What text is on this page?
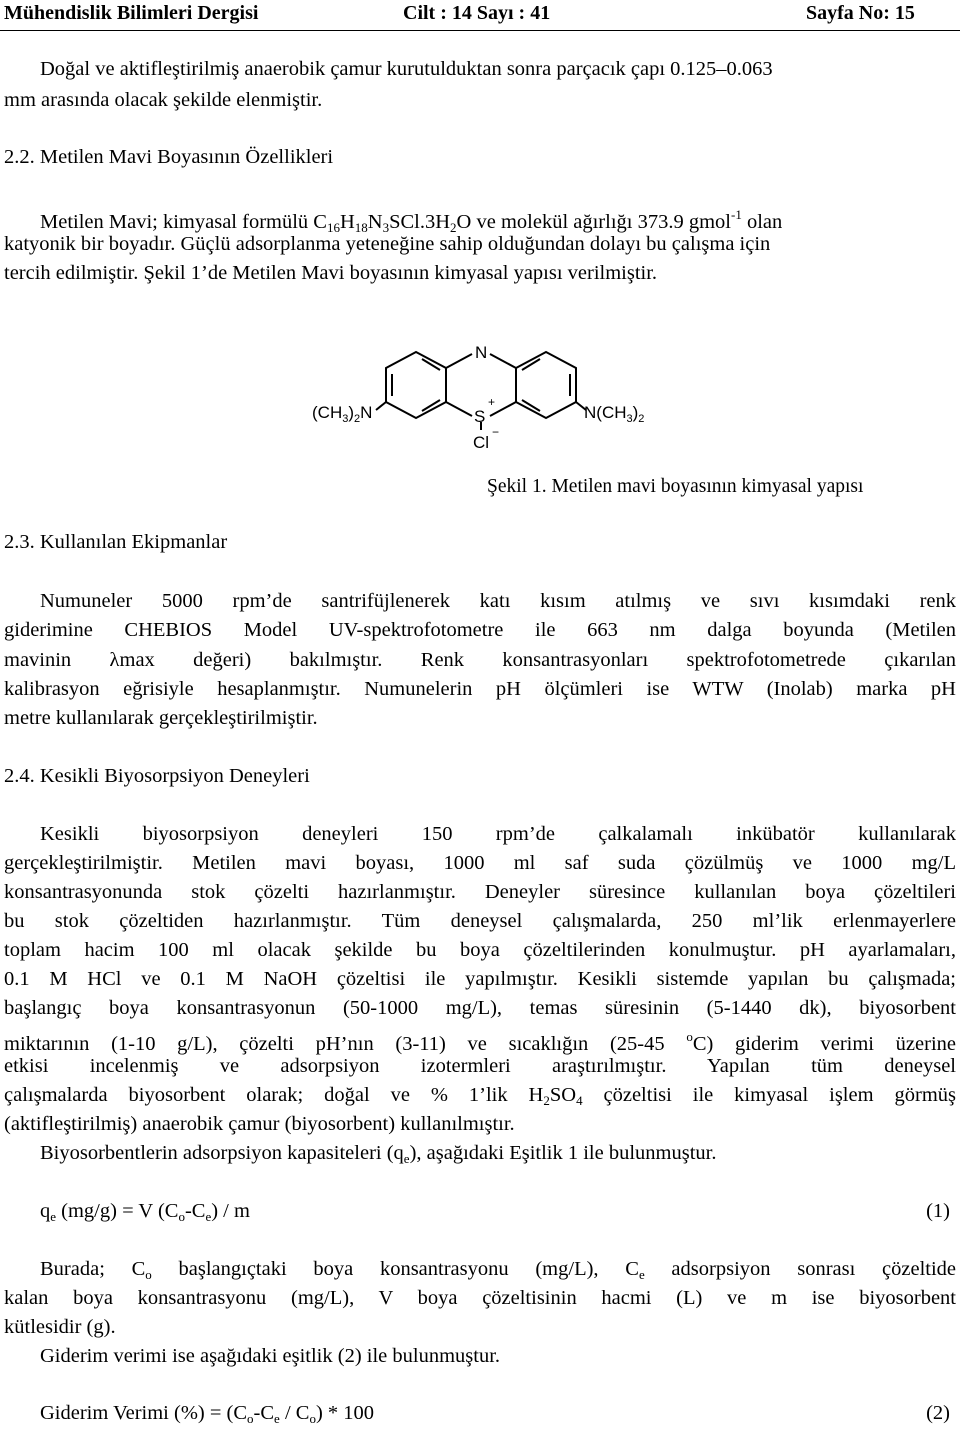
Mühendislik Bilimleri Dergisi	Cilt : 14 Sayı : 41	Sayfa No: 15
Doğal ve aktifleştirilmiş anaerobik çamur kurutulduktan sonra parçacık çapı 0.125–0.063
mm arasında olacak şekilde elenmiştir.
2.2. Metilen Mavi Boyasının Özellikleri
Metilen Mavi; kimyasal formülü $C_{16}H_{18}N_3SCl.3H_2O$ ve molekül ağırlığı 373.9 gmol$^{-1}$ olan
katyonik bir boyadır. Güçlü adsorplanma yeteneğine sahip olduğundan dolayı bu çalışma için
tercih edilmiştir. Şekil 1’de Metilen Mavi boyasının kimyasal yapısı verilmiştir.
N
S
+
Cl
−
$(CH_3)_2N$	$N(CH_3)_2$
Şekil 1. Metilen mavi boyasının kimyasal yapısı
2.3. Kullanılan Ekipmanlar
Numuneler 5000 rpm’de santrifüjlenerek katı kısım atılmış ve sıvı kısımdaki renk
giderimine CHEBIOS Model UV-spektrofotometre ile 663 nm dalga boyunda (Metilen
mavinin λmax değeri) bakılmıştır. Renk konsantrasyonları spektrofotometrede çıkarılan
kalibrasyon eğrisiyle hesaplanmıştır. Numunelerin pH ölçümleri ise WTW (Inolab) marka pH
metre kullanılarak gerçekleştirilmiştir.
2.4. Kesikli Biyosorpsiyon Deneyleri
Kesikli biyosorpsiyon deneyleri 150 rpm’de çalkalamalı inkübatör kullanılarak
gerçekleştirilmiştir. Metilen mavi boyası, 1000 ml saf suda çözülmüş ve 1000 mg/L
konsantrasyonunda stok çözelti hazırlanmıştır. Deneyler süresince kullanılan boya çözeltileri
bu stok çözeltiden hazırlanmıştır. Tüm deneysel çalışmalarda, 250 ml’lik erlenmayerlere
toplam hacim 100 ml olacak şekilde bu boya çözeltilerinden konulmuştur. pH ayarlamaları,
0.1 M HCl ve 0.1 M NaOH çözeltisi ile yapılmıştır. Kesikli sistemde yapılan bu çalışmada;
başlangıç boya konsantrasyonun (50-1000 mg/L), temas süresinin (5-1440 dk), biyosorbent
miktarının (1-10 g/L), çözelti pH’nın (3-11) ve sıcaklığın (25-45 $^o$C) giderim verimi üzerine
etkisi incelenmiş ve adsorpsiyon izotermleri araştırılmıştır. Yapılan tüm deneysel
çalışmalarda biyosorbent olarak; doğal ve % 1’lik $H_2SO_4$ çözeltisi ile kimyasal işlem görmüş
(aktifleştirilmiş) anaerobik çamur (biyosorbent) kullanılmıştır.
Biyosorbentlerin adsorpsiyon kapasiteleri $(q_e)$, aşağıdaki Eşitlik 1 ile bulunmuştur.
$q_e$ (mg/g) = V $(C_o-C_e)$ / m	(1)
Burada; $C_o$ başlangıçtaki boya konsantrasyonu (mg/L), $C_e$ adsorpsiyon sonrası çözeltide
kalan boya konsantrasyonu (mg/L), V boya çözeltisinin hacmi (L) ve m ise biyosorbent
kütlesidir (g).
Giderim verimi ise aşağıdaki eşitlik (2) ile bulunmuştur.
Giderim Verimi (%) = $(C_o-C_e / C_o) * 100$	(2)
